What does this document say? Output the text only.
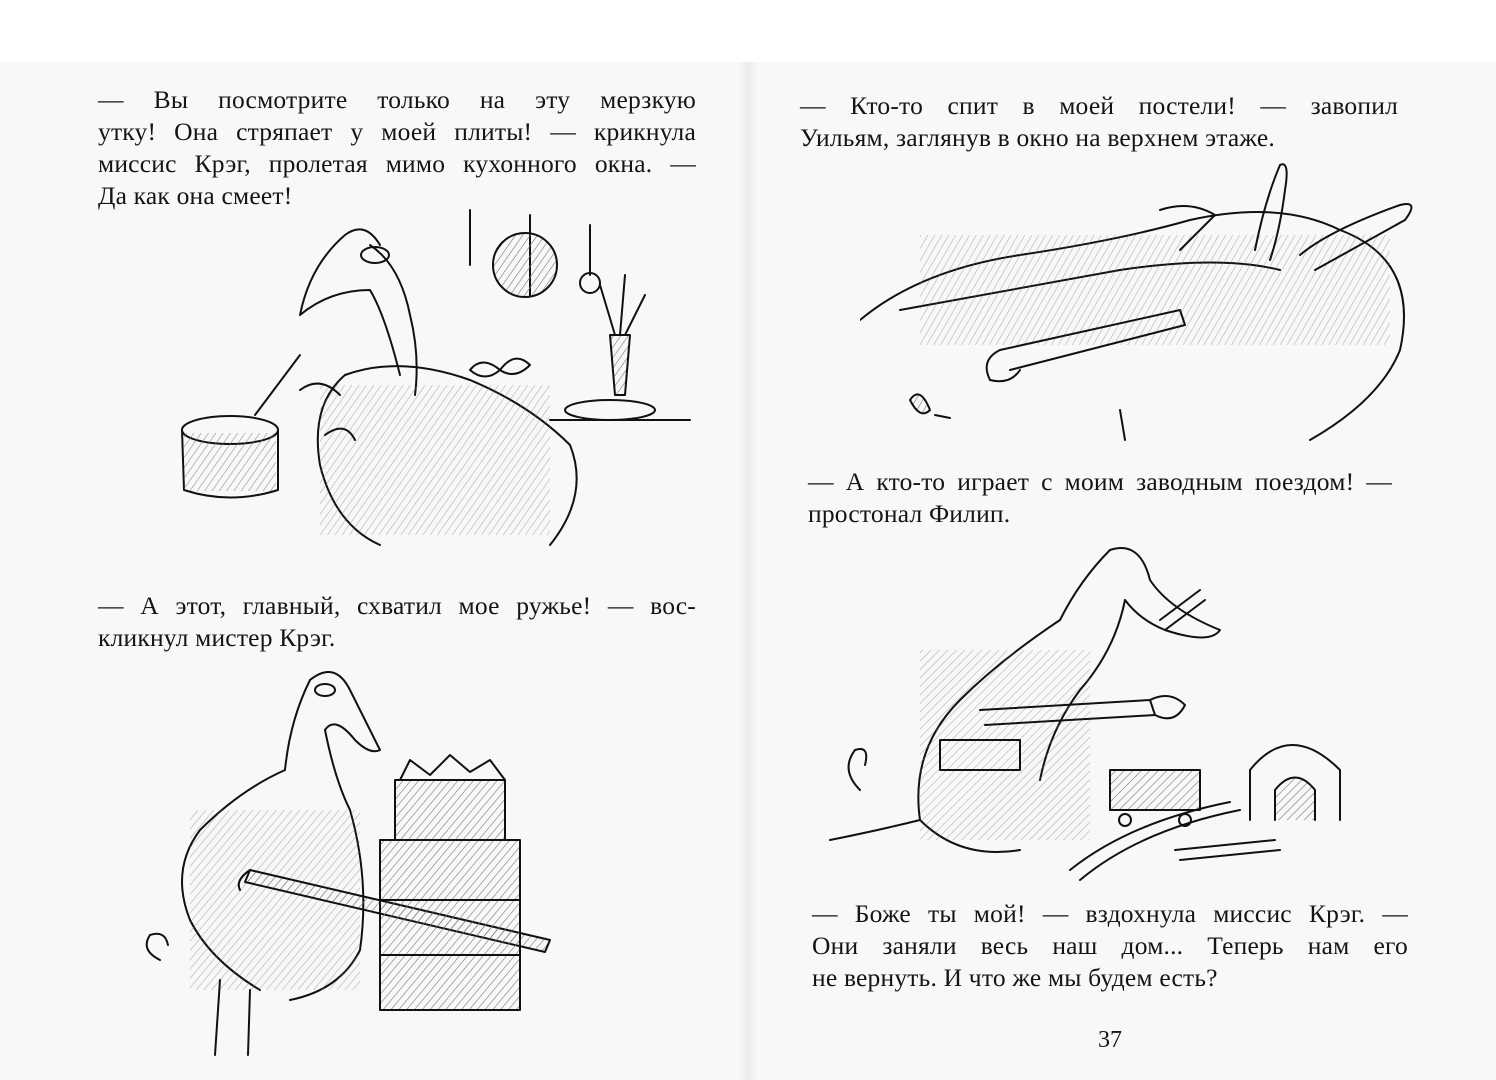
— Вы посмотрите только на эту мерзкую
утку! Она стряпает у моей плиты! — крикнула
миссис Крэг, пролетая мимо кухонного окна. —
Да как она смеет!
— А этот, главный, схватил мое ружье! — вос-
кликнул мистер Крэг.
— Кто-то спит в моей постели! — завопил
Уильям, заглянув в окно на верхнем этаже.
— А кто-то играет с моим заводным поездом! —
простонал Филип.
— Боже ты мой! — вздохнула миссис Крэг. —
Они заняли весь наш дом... Теперь нам его
не вернуть. И что же мы будем есть?
37
